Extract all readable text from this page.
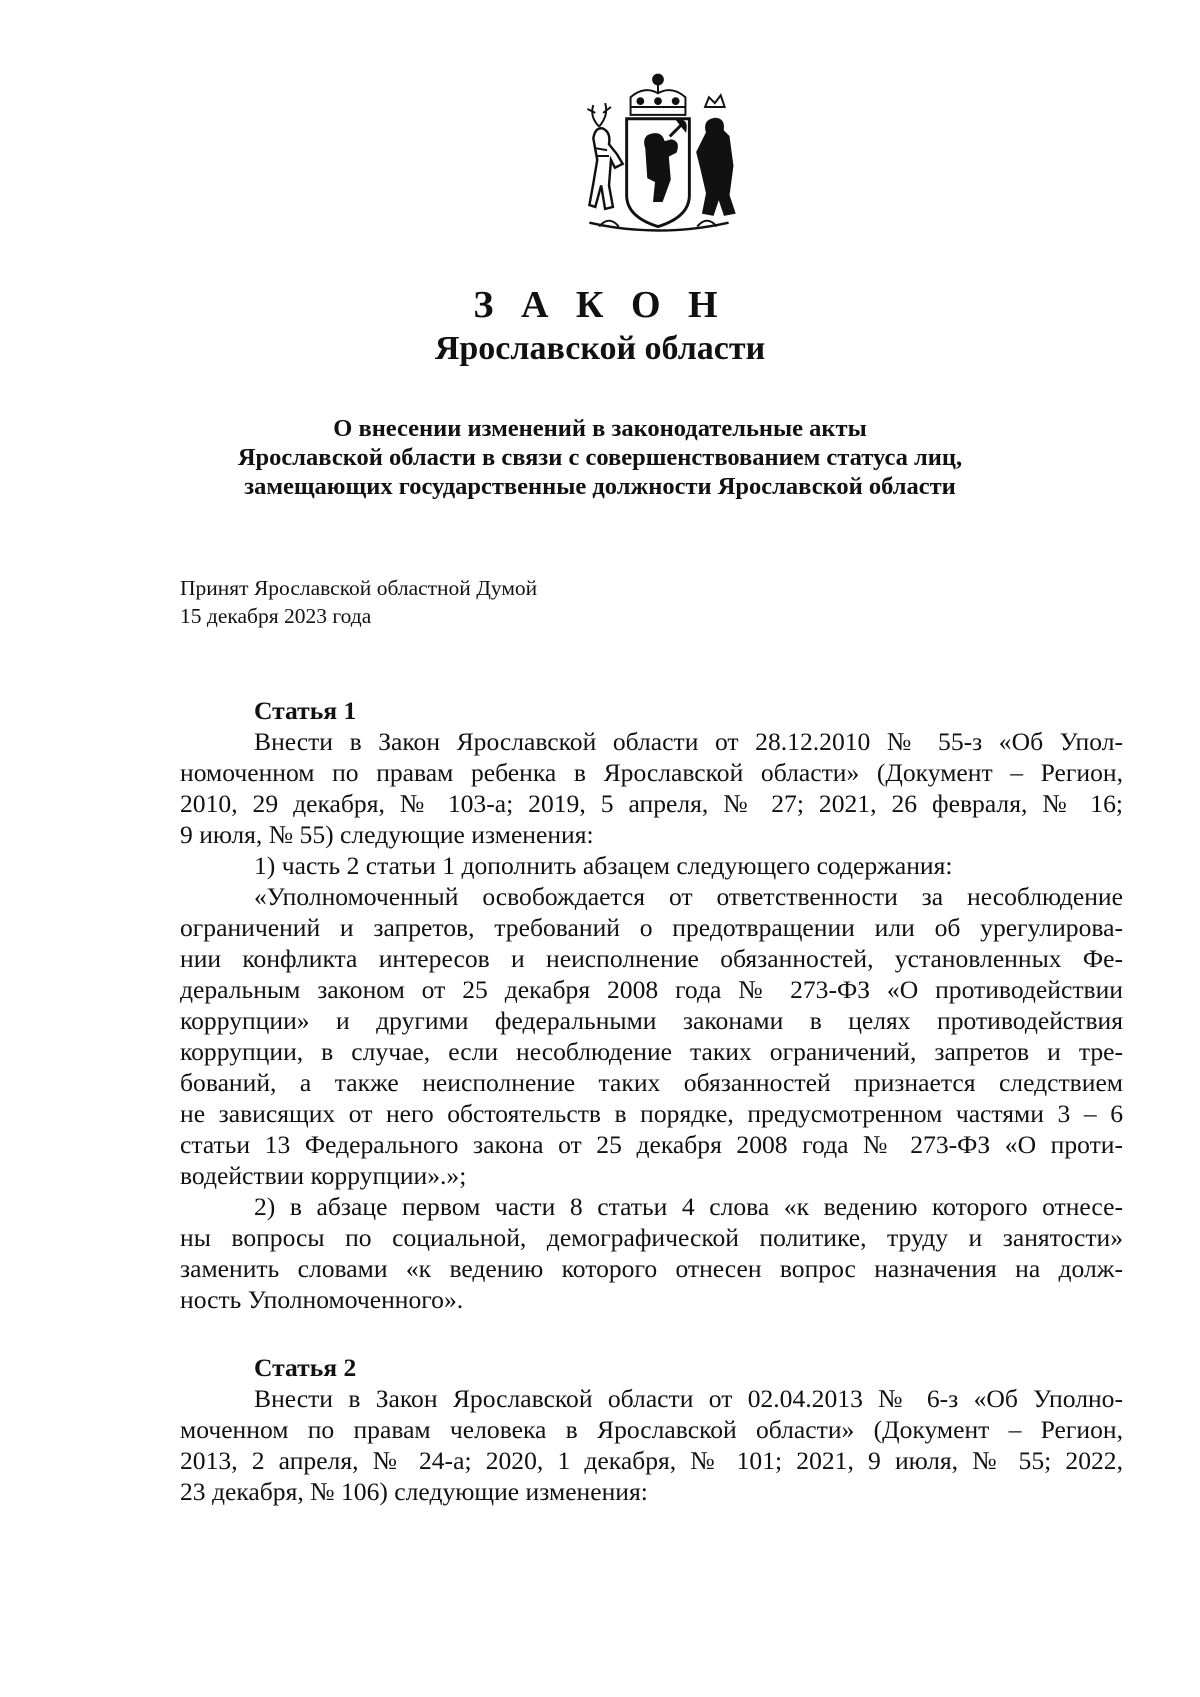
З А К О Н
Ярославской области
О внесении изменений в законодательные акты
Ярославской области в связи с совершенствованием статуса лиц,
замещающих государственные должности Ярославской области
Принят Ярославской областной Думой
15 декабря 2023 года

Статья 1

Внести в Закон Ярославской области от 28.12.2010 № 55-з «Об Упол-

номоченном по правам ребенка в Ярославской области» (Документ – Регион,

2010, 29 декабря, № 103-а; 2019, 5 апреля, № 27; 2021, 26 февраля, № 16;

9 июля, № 55) следующие изменения:

1) часть 2 статьи 1 дополнить абзацем следующего содержания:

«Уполномоченный освобождается от ответственности за несоблюдение

ограничений и запретов, требований о предотвращении или об урегулирова-

нии конфликта интересов и неисполнение обязанностей, установленных Фе-

деральным законом от 25 декабря 2008 года № 273-ФЗ «О противодействии

коррупции» и другими федеральными законами в целях противодействия

коррупции, в случае, если несоблюдение таких ограничений, запретов и тре-

бований, а также неисполнение таких обязанностей признается следствием

не зависящих от него обстоятельств в порядке, предусмотренном частями 3 – 6

статьи 13 Федерального закона от 25 декабря 2008 года № 273-ФЗ «О проти-

водействии коррупции».»;

2) в абзаце первом части 8 статьи 4 слова «к ведению которого отнесе-

ны вопросы по социальной, демографической политике, труду и занятости»

заменить словами «к ведению которого отнесен вопрос назначения на долж-

ность Уполномоченного».

Статья 2

Внести в Закон Ярославской области от 02.04.2013 № 6-з «Об Уполно-

моченном по правам человека в Ярославской области» (Документ – Регион,

2013, 2 апреля, № 24-а; 2020, 1 декабря, № 101; 2021, 9 июля, № 55; 2022,

23 декабря, № 106) следующие изменения:
